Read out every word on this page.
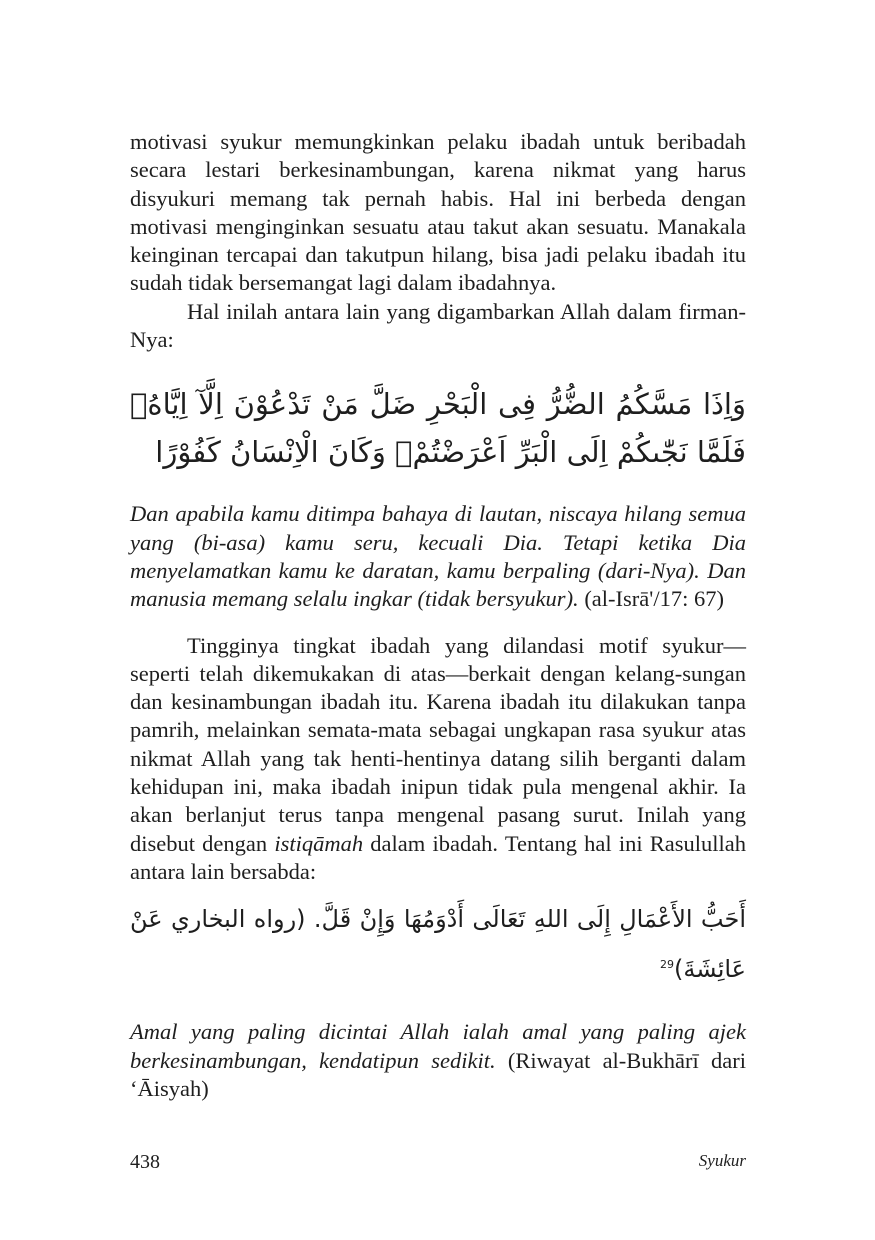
motivasi syukur memungkinkan pelaku ibadah untuk beribadah secara lestari berkesinambungan, karena nikmat yang harus disyukuri memang tak pernah habis. Hal ini berbeda dengan motivasi menginginkan sesuatu atau takut akan sesuatu. Manakala keinginan tercapai dan takutpun hilang, bisa jadi pelaku ibadah itu sudah tidak bersemangat lagi dalam ibadahnya.

Hal inilah antara lain yang digambarkan Allah dalam firman-Nya:

وَاِذَا مَسَّكُمُ الضُّرُّ فِى الْبَحْرِ ضَلَّ مَنْ تَدْعُوْنَ اِلَّآ اِيَّاهُۚ فَلَمَّا نَجّٰىكُمْ اِلَى الْبَرِّ اَعْرَضْتُمْۗ وَكَانَ الْاِنْسَانُ كَفُوْرًا

Dan apabila kamu ditimpa bahaya di lautan, niscaya hilang semua yang (bi-asa) kamu seru, kecuali Dia. Tetapi ketika Dia menyelamatkan kamu ke daratan, kamu berpaling (dari-Nya). Dan manusia memang selalu ingkar (tidak bersyukur). (al-Isrā'/17: 67)

Tingginya tingkat ibadah yang dilandasi motif syukur—seperti telah dikemukakan di atas—berkait dengan kelang-sungan dan kesinambungan ibadah itu. Karena ibadah itu dilakukan tanpa pamrih, melainkan semata-mata sebagai ungkapan rasa syukur atas nikmat Allah yang tak henti-hentinya datang silih berganti dalam kehidupan ini, maka ibadah inipun tidak pula mengenal akhir. Ia akan berlanjut terus tanpa mengenal pasang surut. Inilah yang disebut dengan istiqāmah dalam ibadah. Tentang hal ini Rasulullah antara lain bersabda:

أَحَبُّ الأَعْمَالِ إِلَى اللهِ تَعَالَى أَدْوَمُهَا وَإِنْ قَلَّ. (رواه البخاري عَنْ عَائِشَةَ)$^{29}$

Amal yang paling dicintai Allah ialah amal yang paling ajek berkesinambungan, kendatipun sedikit. (Riwayat al-Bukhārī dari ‘Āisyah)

438	Syukur
